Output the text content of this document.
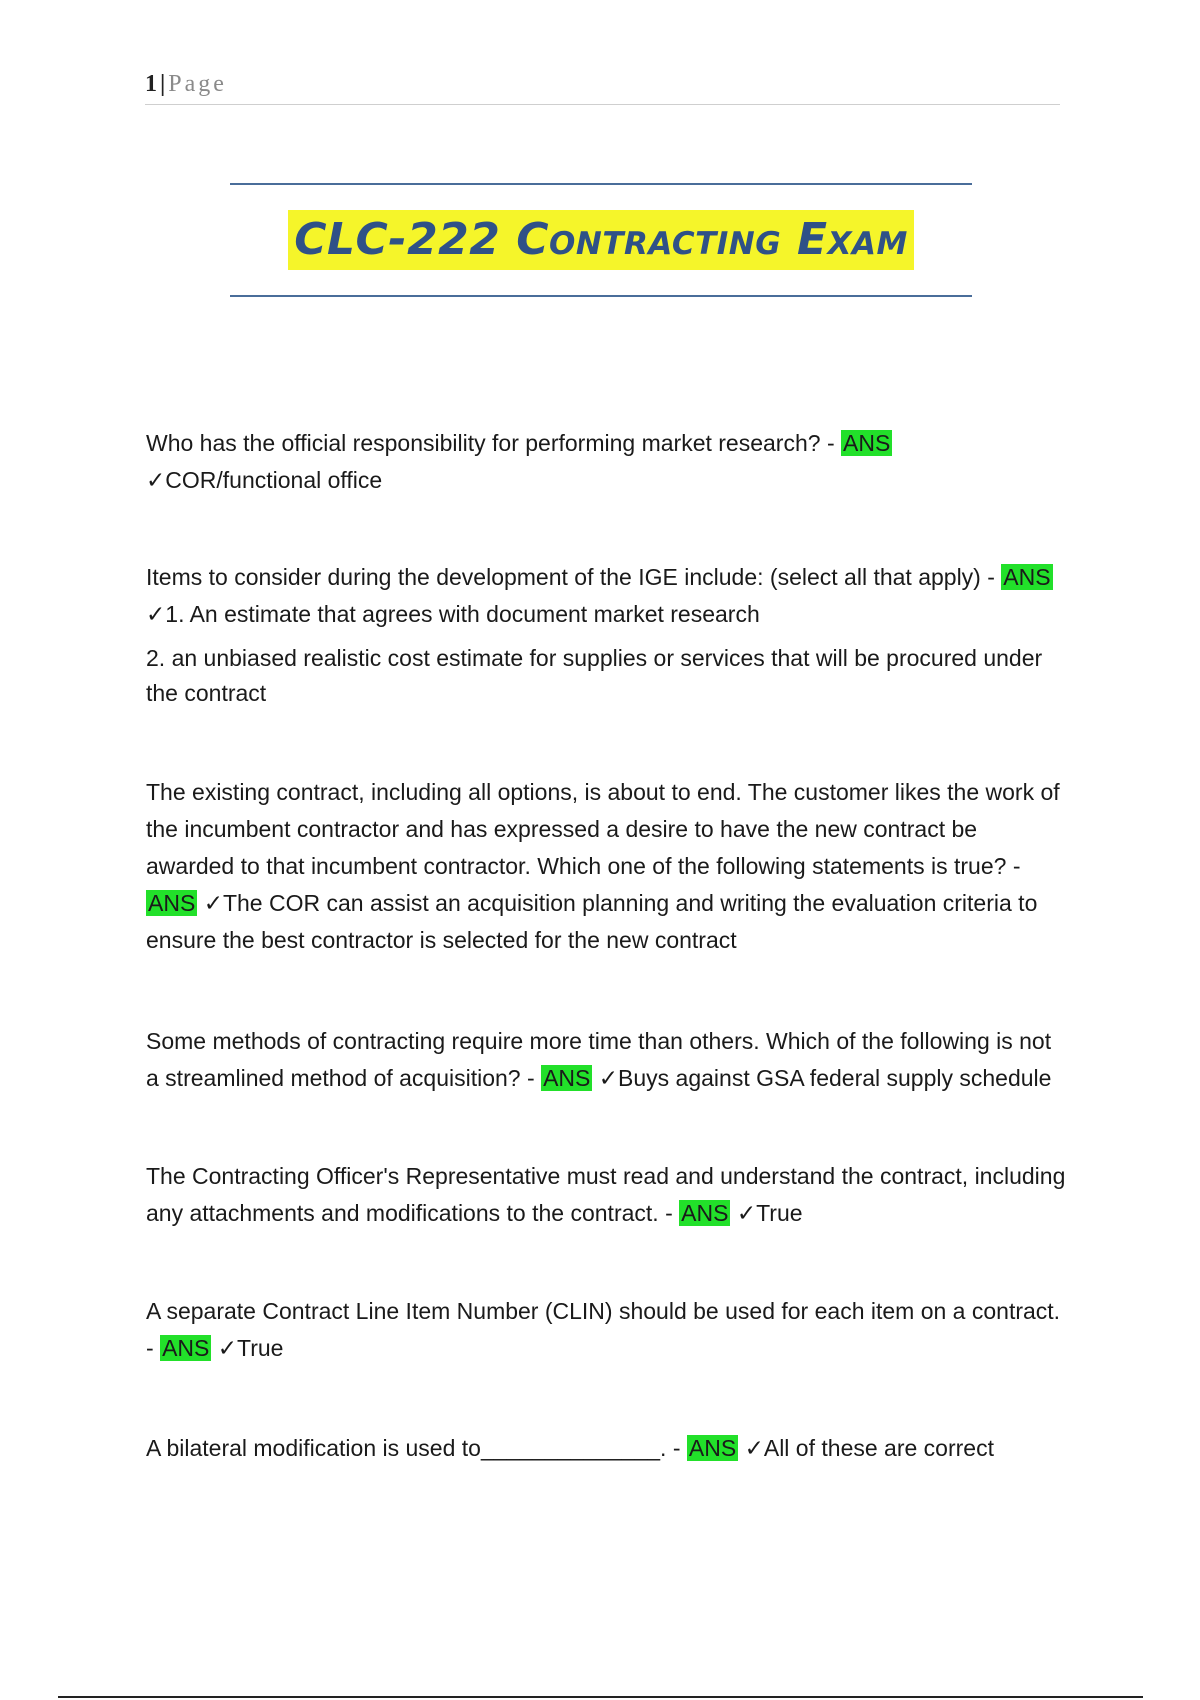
1 | Page
CLC-222 Contracting Exam

Who has the official responsibility for performing market research? - ANS ✓COR/functional office

Items to consider during the development of the IGE include: (select all that apply) - ANS ✓1. An estimate that agrees with document market research

2. an unbiased realistic cost estimate for supplies or services that will be procured under the contract

The existing contract, including all options, is about to end. The customer likes the work of the incumbent contractor and has expressed a desire to have the new contract be awarded to that incumbent contractor. Which one of the following statements is true? - ANS ✓The COR can assist an acquisition planning and writing the evaluation criteria to ensure the best contractor is selected for the new contract

Some methods of contracting require more time than others. Which of the following is not a streamlined method of acquisition? - ANS ✓Buys against GSA federal supply schedule

The Contracting Officer's Representative must read and understand the contract, including any attachments and modifications to the contract. - ANS ✓True

A separate Contract Line Item Number (CLIN) should be used for each item on a contract. - ANS ✓True

A bilateral modification is used to______________. - ANS ✓All of these are correct
